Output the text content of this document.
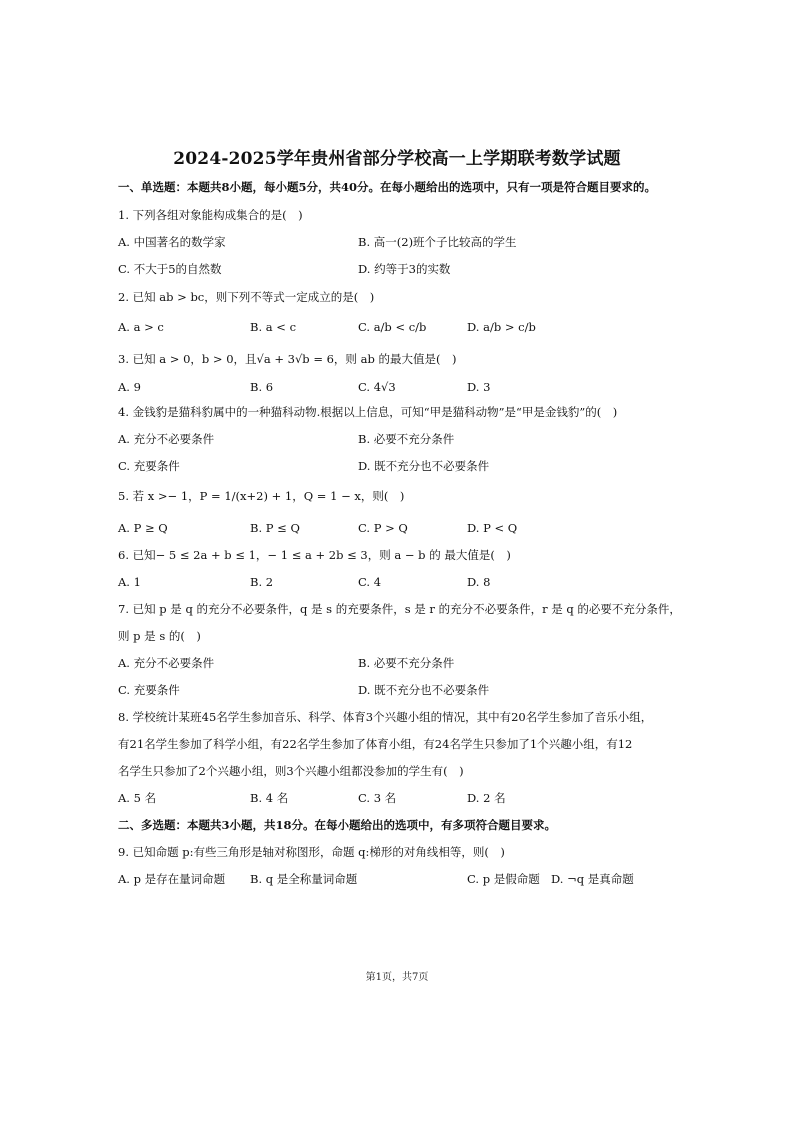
2024-2025学年贵州省部分学校高一上学期联考数学试题
一、单选题：本题共8小题，每小题5分，共40分。在每小题给出的选项中，只有一项是符合题目要求的。
1. 下列各组对象能构成集合的是(　)
A. 中国著名的数学家	B. 高一(2)班个子比较高的学生
C. 不大于5的自然数	D. 约等于3的实数
2. 已知 ab > bc，则下列不等式一定成立的是(　)
A. a > c	B. a < c	C. a/b < c/b	D. a/b > c/b
3. 已知 a > 0，b > 0，且√a + 3√b = 6，则 ab 的最大值是(　)
A. 9	B. 6	C. 4√3	D. 3
4. 金钱豹是猫科豹属中的一种猫科动物.根据以上信息，可知“甲是猫科动物”是“甲是金钱豹”的(　)
A. 充分不必要条件	B. 必要不充分条件
C. 充要条件	D. 既不充分也不必要条件
5. 若 x >− 1，P = 1/(x+2) + 1，Q = 1 − x，则(　)
A. P ≥ Q	B. P ≤ Q	C. P > Q	D. P < Q
6. 已知− 5 ≤ 2a + b ≤ 1，− 1 ≤ a + 2b ≤ 3，则 a − b 的 最大值是(　)
A. 1	B. 2	C. 4	D. 8
7. 已知 p 是 q 的充分不必要条件，q 是 s 的充要条件，s 是 r 的充分不必要条件，r 是 q 的必要不充分条件，
则 p 是 s 的(　)
A. 充分不必要条件	B. 必要不充分条件
C. 充要条件	D. 既不充分也不必要条件
8. 学校统计某班45名学生参加音乐、科学、体育3个兴趣小组的情况，其中有20名学生参加了音乐小组，
有21名学生参加了科学小组，有22名学生参加了体育小组，有24名学生只参加了1个兴趣小组，有12
名学生只参加了2个兴趣小组，则3个兴趣小组都没参加的学生有(　)
A. 5 名	B. 4 名	C. 3 名	D. 2 名
二、多选题：本题共3小题，共18分。在每小题给出的选项中，有多项符合题目要求。
9. 已知命题 p:有些三角形是轴对称图形，命题 q:梯形的对角线相等，则(　)
A. p 是存在量词命题 B. q 是全称量词命题	C. p 是假命题 D. ¬q 是真命题
第1页，共7页
